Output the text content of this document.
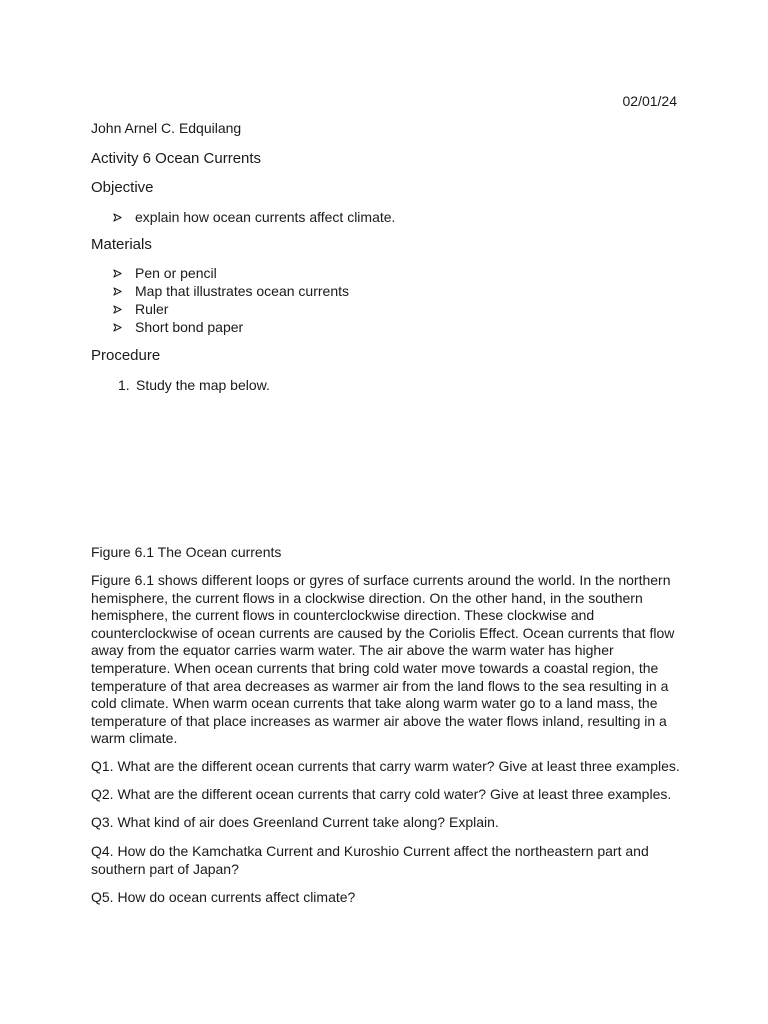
02/01/24
John Arnel C. Edquilang
Activity 6 Ocean Currents
Objective
explain how ocean currents affect climate.
Materials
Pen or pencil
Map that illustrates ocean currents
Ruler
Short bond paper
Procedure
1. Study the map below.
Figure 6.1 The Ocean currents
Figure 6.1 shows different loops or gyres of surface currents around the world. In the northern
hemisphere, the current flows in a clockwise direction. On the other hand, in the southern
hemisphere, the current flows in counterclockwise direction. These clockwise and
counterclockwise of ocean currents are caused by the Coriolis Effect. Ocean currents that flow
away from the equator carries warm water. The air above the warm water has higher
temperature. When ocean currents that bring cold water move towards a coastal region, the
temperature of that area decreases as warmer air from the land flows to the sea resulting in a
cold climate. When warm ocean currents that take along warm water go to a land mass, the
temperature of that place increases as warmer air above the water flows inland, resulting in a
warm climate.
Q1. What are the different ocean currents that carry warm water? Give at least three examples.
Q2. What are the different ocean currents that carry cold water? Give at least three examples.
Q3. What kind of air does Greenland Current take along? Explain.
Q4. How do the Kamchatka Current and Kuroshio Current affect the northeastern part and
southern part of Japan?
Q5. How do ocean currents affect climate?
